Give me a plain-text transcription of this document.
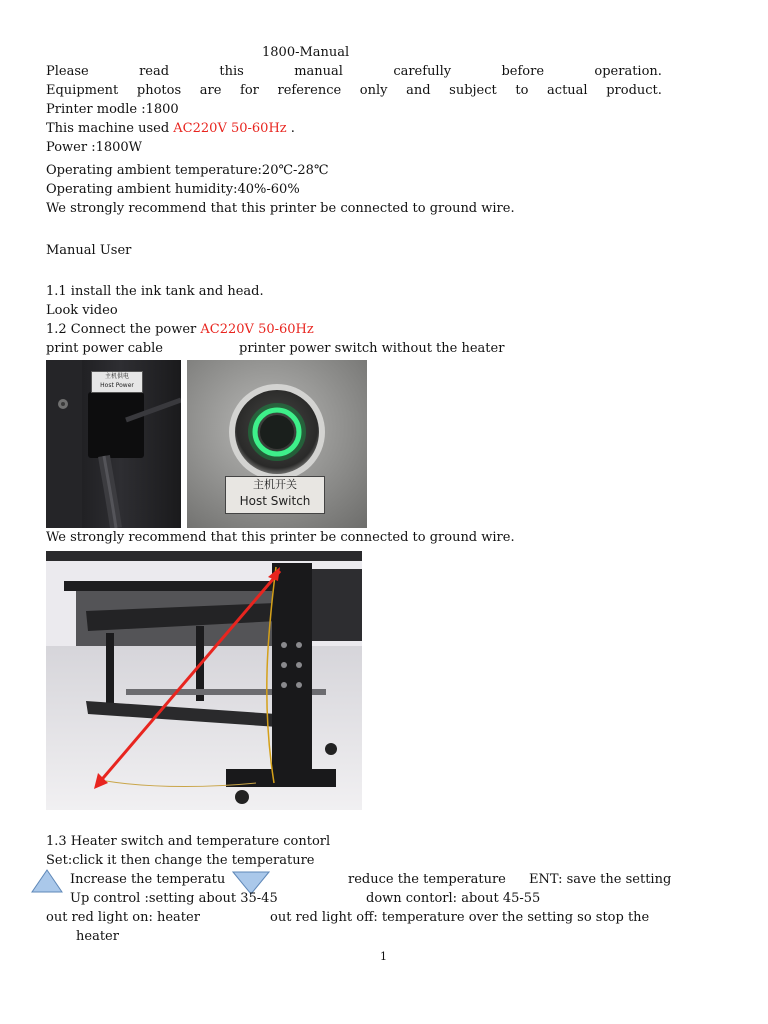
1800-Manual
Please	read	this	manual	carefully	before	operation.
Equipment photos are for reference only and subject to actual product.
Printer modle :1800
This machine used AC220V 50-60Hz .
Power :1800W
Operating ambient temperature:20℃-28℃
Operating ambient humidity:40%-60%
We strongly recommend that this printer be connected to ground wire.
Manual User
1.1 install the ink tank and head.
Look video
1.2 Connect the power AC220V 50-60Hz
print power cable	printer power switch without the heater
主机供电
Host Power
主机开关
Host Switch
We strongly recommend that this printer be connected to ground wire.
1.3 Heater switch and temperature contorl
Set:click it then change the temperature
Increase the temperatu	reduce the temperature ENT: save the setting
Up control :setting about 35-45	down contorl: about 45-55
out red light on: heater	out red light off: temperature over the setting so stop the
heater
1
